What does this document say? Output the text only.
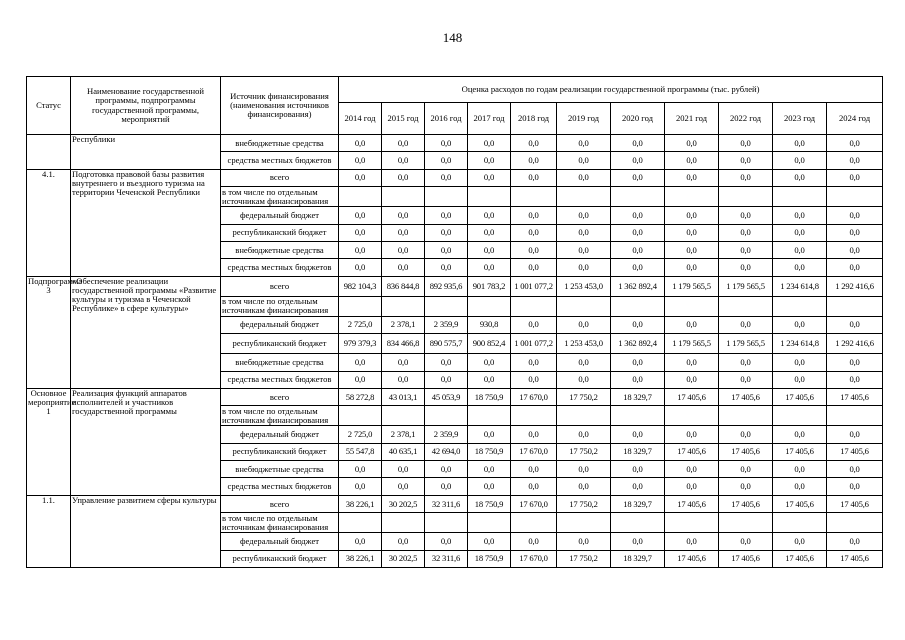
148
Статус	Наименование государственной программы, подпрограммы государственной программы, мероприятий	Источник финансирования (наименования источников финансирования)	Оценка расходов по годам реализации государственной программы (тыс. рублей)										
			2014 год	2015 год	2016 год	2017 год	2018 год	2019 год	2020 год	2021 год	2022 год	2023 год	2024 год
	Республики	внебюджетные средства	0,0	0,0	0,0	0,0	0,0	0,0	0,0	0,0	0,0	0,0	0,0
		средства местных бюджетов	0,0	0,0	0,0	0,0	0,0	0,0	0,0	0,0	0,0	0,0	0,0
4.1.	Подготовка правовой базы развития внутреннего и въездного туризма на территории Чеченской Республики	всего	0,0	0,0	0,0	0,0	0,0	0,0	0,0	0,0	0,0	0,0	0,0
		в том числе по отдельным источникам финансирования											
		федеральный бюджет	0,0	0,0	0,0	0,0	0,0	0,0	0,0	0,0	0,0	0,0	0,0
		республиканский бюджет	0,0	0,0	0,0	0,0	0,0	0,0	0,0	0,0	0,0	0,0	0,0
		внебюджетные средства	0,0	0,0	0,0	0,0	0,0	0,0	0,0	0,0	0,0	0,0	0,0
		средства местных бюджетов	0,0	0,0	0,0	0,0	0,0	0,0	0,0	0,0	0,0	0,0	0,0
Подпрограмма 3	«Обеспечение реализации государственной программы «Развитие культуры и туризма в Чеченской Республике» в сфере культуры»	всего	982 104,3	836 844,8	892 935,6	901 783,2	1 001 077,2	1 253 453,0	1 362 892,4	1 179 565,5	1 179 565,5	1 234 614,8	1 292 416,6
		в том числе по отдельным источникам финансирования											
		федеральный бюджет	2 725,0	2 378,1	2 359,9	930,8	0,0	0,0	0,0	0,0	0,0	0,0	0,0
		республиканский бюджет	979 379,3	834 466,8	890 575,7	900 852,4	1 001 077,2	1 253 453,0	1 362 892,4	1 179 565,5	1 179 565,5	1 234 614,8	1 292 416,6
		внебюджетные средства	0,0	0,0	0,0	0,0	0,0	0,0	0,0	0,0	0,0	0,0	0,0
		средства местных бюджетов	0,0	0,0	0,0	0,0	0,0	0,0	0,0	0,0	0,0	0,0	0,0
Основное мероприятие 1	Реализация функций аппаратов исполнителей и участников государственной программы	всего	58 272,8	43 013,1	45 053,9	18 750,9	17 670,0	17 750,2	18 329,7	17 405,6	17 405,6	17 405,6	17 405,6
		в том числе по отдельным источникам финансирования											
		федеральный бюджет	2 725,0	2 378,1	2 359,9	0,0	0,0	0,0	0,0	0,0	0,0	0,0	0,0
		республиканский бюджет	55 547,8	40 635,1	42 694,0	18 750,9	17 670,0	17 750,2	18 329,7	17 405,6	17 405,6	17 405,6	17 405,6
		внебюджетные средства	0,0	0,0	0,0	0,0	0,0	0,0	0,0	0,0	0,0	0,0	0,0
		средства местных бюджетов	0,0	0,0	0,0	0,0	0,0	0,0	0,0	0,0	0,0	0,0	0,0
1.1.	Управление развитием сферы культуры	всего	38 226,1	30 202,5	32 311,6	18 750,9	17 670,0	17 750,2	18 329,7	17 405,6	17 405,6	17 405,6	17 405,6
		в том числе по отдельным источникам финансирования											
		федеральный бюджет	0,0	0,0	0,0	0,0	0,0	0,0	0,0	0,0	0,0	0,0	0,0
		республиканский бюджет	38 226,1	30 202,5	32 311,6	18 750,9	17 670,0	17 750,2	18 329,7	17 405,6	17 405,6	17 405,6	17 405,6
